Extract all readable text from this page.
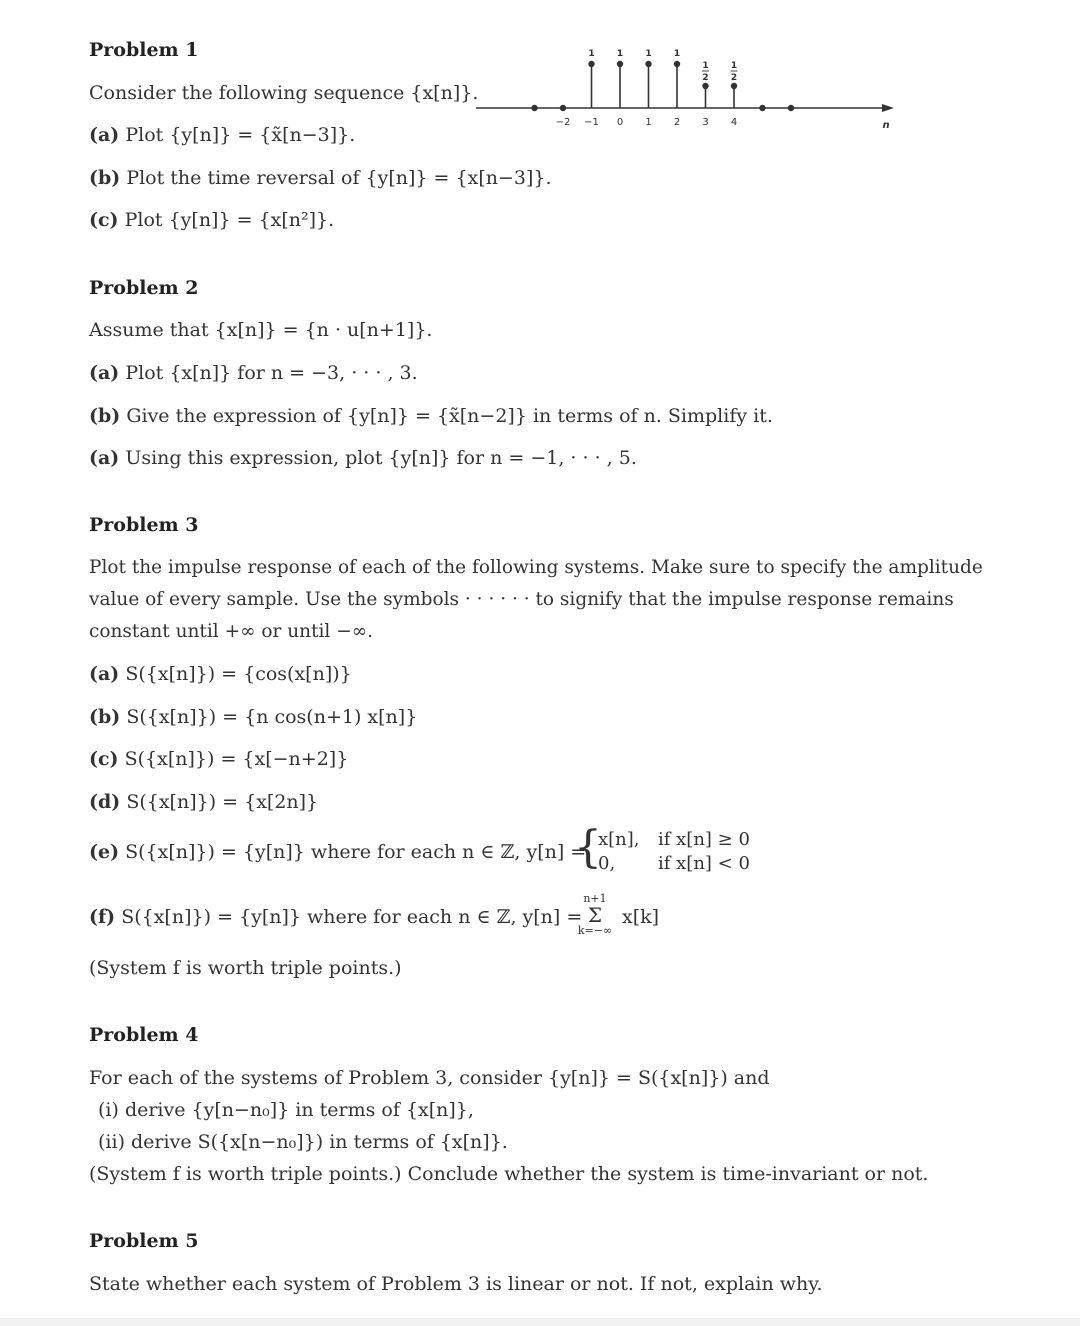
Problem 1
Consider the following sequence {x[n]}.
(a) Plot {y[n]} = {x̃[n−3]}.
(b) Plot the time reversal of {y[n]} = {x[n−3]}.
(c) Plot {y[n]} = {x[n²]}.
1 1 1 1
1
2
1
2
−2 −1 0 1 2 3 4	n
Problem 2
Assume that {x[n]} = {n · u[n+1]}.
(a) Plot {x[n]} for n = −3, · · · , 3.
(b) Give the expression of {y[n]} = {x̃[n−2]} in terms of n. Simplify it.
(a) Using this expression, plot {y[n]} for n = −1, · · · , 5.
Problem 3
Plot the impulse response of each of the following systems. Make sure to specify the amplitude
value of every sample. Use the symbols · · · · · · to signify that the impulse response remains
constant until +∞ or until −∞.
(a) S({x[n]}) = {cos(x[n])}
(b) S({x[n]}) = {n cos(n+1) x[n]}
(c) S({x[n]}) = {x[−n+2]}
(d) S({x[n]}) = {x[2n]}
(e) S({x[n]}) = {y[n]} where for each n ∈ ℤ, y[n] =
{
x[n],
0,
if x[n] ≥ 0
if x[n] < 0
(f) S({x[n]}) = {y[n]} where for each n ∈ ℤ, y[n] =
n+1
Σ
k=−∞
x[k]
(System f is worth triple points.)
Problem 4
For each of the systems of Problem 3, consider {y[n]} = S({x[n]}) and
(i) derive {y[n−n₀]} in terms of {x[n]},
(ii) derive S({x[n−n₀]}) in terms of {x[n]}.
(System f is worth triple points.) Conclude whether the system is time-invariant or not.
Problem 5
State whether each system of Problem 3 is linear or not. If not, explain why.
